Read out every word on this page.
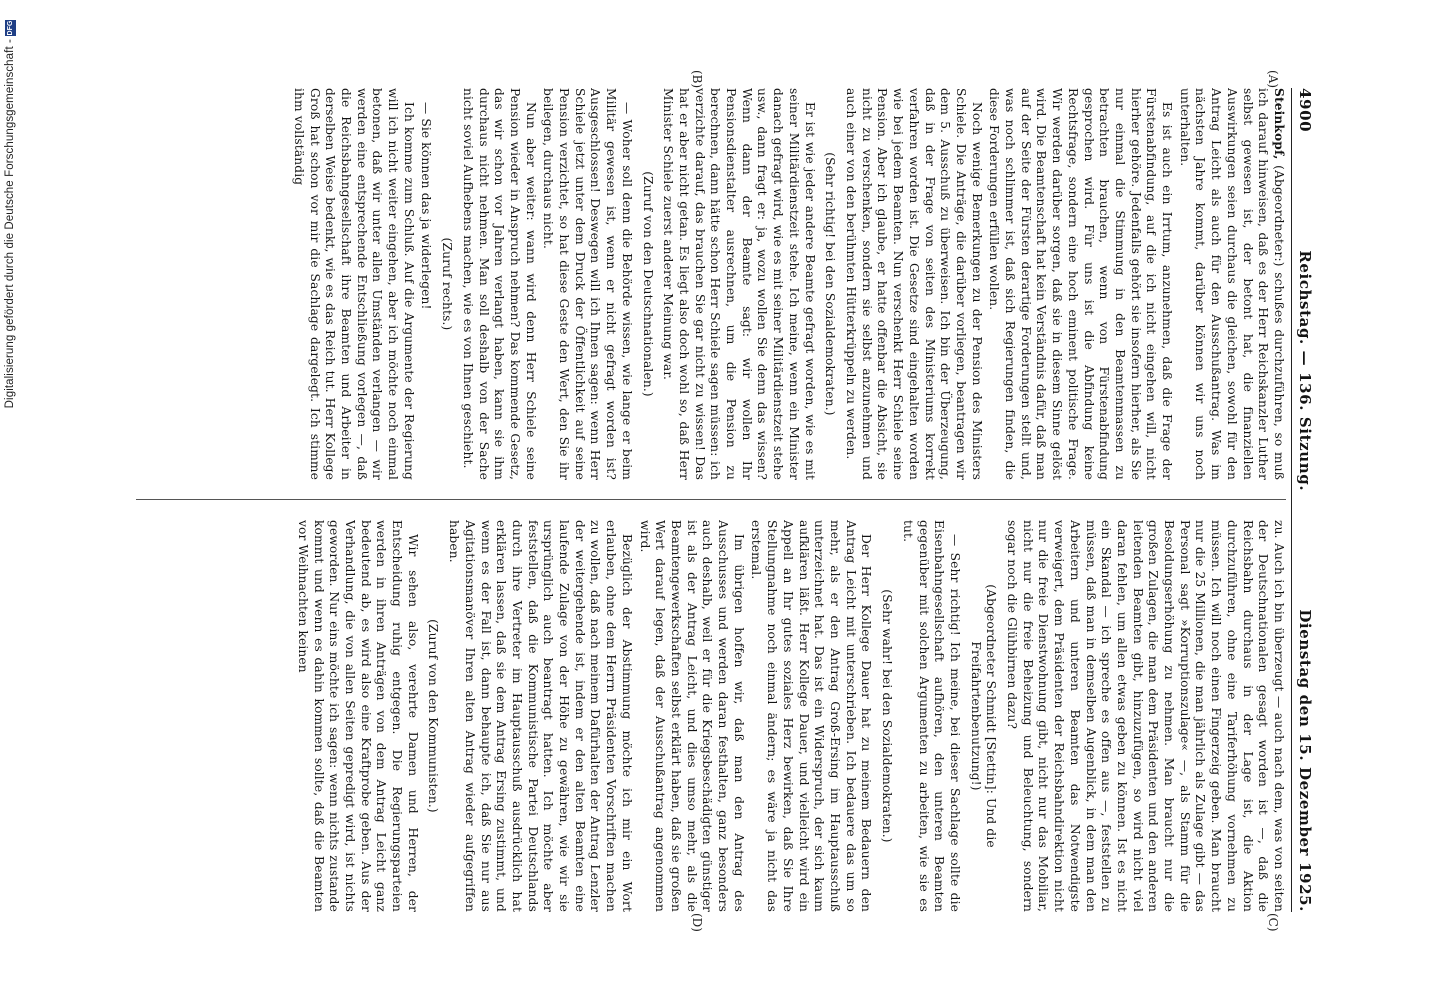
Digitalisierung gefördert durch die Deutsche Forschungsgemeinschaft -
DFG
4900
Reichstag. — 136. Sitzung.
Dienstag den 15. Dezember 1925.
(A)
(B)
(C)
(D)

Steinkopf, (Abgeordneter:) schußes durchzuführen, so muß ich darauf hinweisen, daß es der Herr Reichskanzler Luther selbst gewesen ist, der betont hat, die finanziellen Auswirkungen seien durchaus die gleichen, sowohl für den Antrag Leicht als auch für den Ausschußantrag. Was im nächsten Jahre kommt, darüber können wir uns noch unterhalten.

Es ist auch ein Irrtum, anzunehmen, daß die Frage der Fürstenabfindung, auf die ich nicht eingehen will, nicht hierher gehöre. Jedenfalls gehört sie insofern hierher, als Sie nur einmal die Stimmung in den Beamtenmassen zu betrachten brauchen, wenn von Fürstenabfindung gesprochen wird. Für uns ist die Abfindung keine Rechtsfrage, sondern eine hoch eminent politische Frage. Wir werden darüber sorgen, daß sie in diesem Sinne gelöst wird. Die Beamtenschaft hat kein Verständnis dafür, daß man auf der Seite der Fürsten derartige Forderungen stellt und, was noch schlimmer ist, daß sich Regierungen finden, die diese Forderungen erfüllen wollen.

Noch wenige Bemerkungen zu der Pension des Ministers Schiele. Die Anträge, die darüber vorliegen, beantragen wir dem 5. Ausschuß zu überweisen. Ich bin der Überzeugung, daß in der Frage von seiten des Ministeriums korrekt verfahren worden ist. Die Gesetze sind eingehalten worden wie bei jedem Beamten. Nun verschenkt Herr Schiele seine Pension. Aber ich glaube, er hatte offenbar die Absicht, sie nicht zu verschenken, sondern sie selbst anzunehmen und auch einer von den berühmten Hütterkrüppeln zu werden.

(Sehr richtig! bei den Sozialdemokraten.)

Er ist wie jeder andere Beamte gefragt worden, wie es mit seiner Militärdienstzeit stehe. Ich meine, wenn ein Minister danach gefragt wird, wie es mit seiner Militärdienstzeit stehe usw., dann fragt er: ja, wozu wollen Sie denn das wissen? Wenn dann der Beamte sagt: wir wollen Ihr Pensionsdienstalter ausrechnen, um die Pension zu berechnen, dann hätte schon Herr Schiele sagen müssen: ich verzichte darauf, das brauchen Sie gar nicht zu wissen! Das hat er aber nicht getan. Es liegt also doch wohl so, daß Herr Minister Schiele zuerst anderer Meinung war.

(Zuruf von den Deutschnationalen.)

— Woher soll denn die Behörde wissen, wie lange er beim Militär gewesen ist, wenn er nicht gefragt worden ist? Ausgeschlossen! Deswegen will ich Ihnen sagen: wenn Herr Schiele jetzt unter dem Druck der Öffentlichkeit auf seine Pension verzichtet, so hat diese Geste den Wert, den Sie ihr beilegen, durchaus nicht.

Nun aber weiter: wann wird denn Herr Schiele seine Pension wieder in Anspruch nehmen? Das kommende Gesetz, das wir schon vor Jahren verlangt haben, kann sie ihm durchaus nicht nehmen. Man soll deshalb von der Sache nicht soviel Aufhebens machen, wie es von Ihnen geschieht.

(Zuruf rechts.)

— Sie können das ja widerlegen!

Ich komme zum Schluß. Auf die Argumente der Regierung will ich nicht weiter eingehen, aber ich möchte noch einmal betonen, daß wir unter allen Umständen verlangen — wir werden eine entsprechende Entschließung vorlegen —, daß die Reichsbahngesellschaft ihre Beamten und Arbeiter in derselben Weise bedenkt, wie es das Reich tut. Herr Kollege Groß hat schon vor mir die Sachlage dargelegt. Ich stimme ihm vollständig

zu. Auch ich bin überzeugt — auch nach dem, was von seiten der Deutschnationalen gesagt worden ist —, daß die Reichsbahn durchaus in der Lage ist, die Aktion durchzuführen, ohne eine Tariferhöhung vornehmen zu müssen. Ich will noch einen Fingerzeig geben. Man braucht nur die 25 Millionen, die man jährlich als Zulage gibt — das Personal sagt »Korruptionszulage« —, als Stamm für die Besoldungserhöhung zu nehmen. Man braucht nur die großen Zulagen, die man dem Präsidenten und den anderen leitenden Beamten gibt, hinzuzufügen, so wird nicht viel daran fehlen, um allen etwas geben zu können. Ist es nicht ein Skandal — ich spreche es offen aus —, feststellen zu müssen, daß man in demselben Augenblick, in dem man den Arbeitern und unteren Beamten das Notwendigste verweigert, dem Präsidenten der Reichsbahndirektion nicht nur die freie Dienstwohnung gibt, nicht nur das Mobiliar, nicht nur die freie Beheizung und Beleuchtung, sondern sogar noch die Glühbirnen dazu?

(Abgeordneter Schmidt [Stettin]: Und die Freifahrtenbenutzung!)

— Sehr richtig! Ich meine, bei dieser Sachlage sollte die Eisenbahngesellschaft aufhören, den unteren Beamten gegenüber mit solchen Argumenten zu arbeiten, wie sie es tut.

(Sehr wahr! bei den Sozialdemokraten.)

Der Herr Kollege Dauer hat zu meinem Bedauern den Antrag Leicht mit unterschrieben. Ich bedauere das um so mehr, als er den Antrag Groß-Ersing im Hauptausschuß unterzeichnet hat. Das ist ein Widerspruch, der sich kaum aufklären läßt. Herr Kollege Dauer, und vielleicht wird ein Appell an Ihr gutes soziales Herz bewirken, daß Sie Ihre Stellungnahme noch einmal ändern; es wäre ja nicht das erstemal.

Im übrigen hoffen wir, daß man den Antrag des Ausschusses und werden daran festhalten, ganz besonders auch deshalb, weil er für die Kriegsbeschädigten günstiger ist als der Antrag Leicht, und dies umso mehr, als die Beamtengewerkschaften selbst erklärt haben, daß sie großen Wert darauf legen, daß der Ausschußantrag angenommen wird.

Bezüglich der Abstimmung möchte ich mir ein Wort erlauben, ohne dem Herrn Präsidenten Vorschriften machen zu wollen, daß nach meinem Dafürhalten der Antrag Lenzler der weitergehende ist, indem er den alten Beamten eine laufende Zulage von der Höhe zu gewähren, wie wir sie ursprünglich auch beantragt hatten. Ich möchte aber feststellen, daß die Kommunistische Partei Deutschlands durch ihre Vertreter im Hauptausschuß ausdrücklich hat erklären lassen, daß sie dem Antrag Ersing zustimmt, und wenn es der Fall ist, dann behaupte ich, daß Sie nur aus Agitationsmanöver Ihren alten Antrag wieder aufgegriffen haben.

(Zuruf von den Kommunisten.)

Wir sehen also, verehrte Damen und Herren, der Entscheidung ruhig entgegen. Die Regierungsparteien werden in ihren Anträgen von dem Antrag Leicht ganz bedeutend ab, es wird also eine Kraftprobe geben. Aus der Verhandlung, die von allen Seiten gepredigt wird, ist nichts geworden. Nur eins möchte ich sagen: wenn nichts zustande kommt und wenn es dahin kommen sollte, daß die Beamten vor Weihnachten keinen
